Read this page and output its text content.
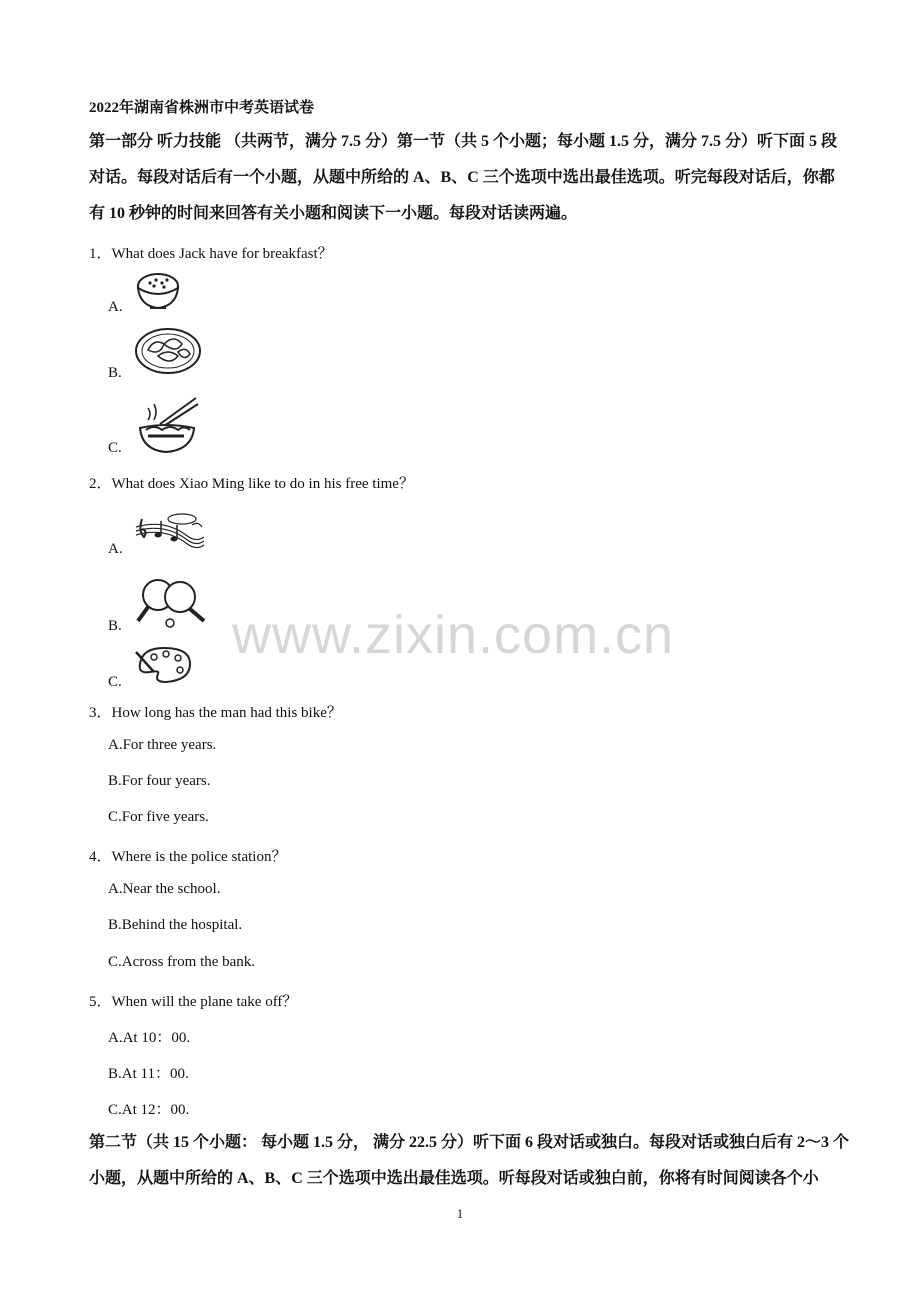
2022年湖南省株洲市中考英语试卷
第一部分 听力技能 （共两节，满分 7.5 分）第一节（共 5 个小题；每小题 1.5 分，满分 7.5 分）听下面 5 段对话。每段对话后有一个小题，从题中所给的 A、B、C 三个选项中选出最佳选项。听完每段对话后，你都有 10 秒钟的时间来回答有关小题和阅读下一小题。每段对话读两遍。
1．What does Jack have for breakfast？
A.
B.
C.
2．What does Xiao Ming like to do in his free time？
A.
B.
C.
3．How long has the man had this bike？
A.For three years.
B.For four years.
C.For five years.
4．Where is the police station？
A.Near the school.
B.Behind the hospital.
C.Across from the bank.
5．When will the plane take off？
A.At 10：00.
B.At 11：00.
C.At 12：00.
第二节（共 15 个小题： 每小题 1.5 分， 满分 22.5 分）听下面 6 段对话或独白。每段对话或独白后有 2～3 个小题，从题中所给的 A、B、C 三个选项中选出最佳选项。听每段对话或独白前，你将有时间阅读各个小
www.zixin.com.cn
1
